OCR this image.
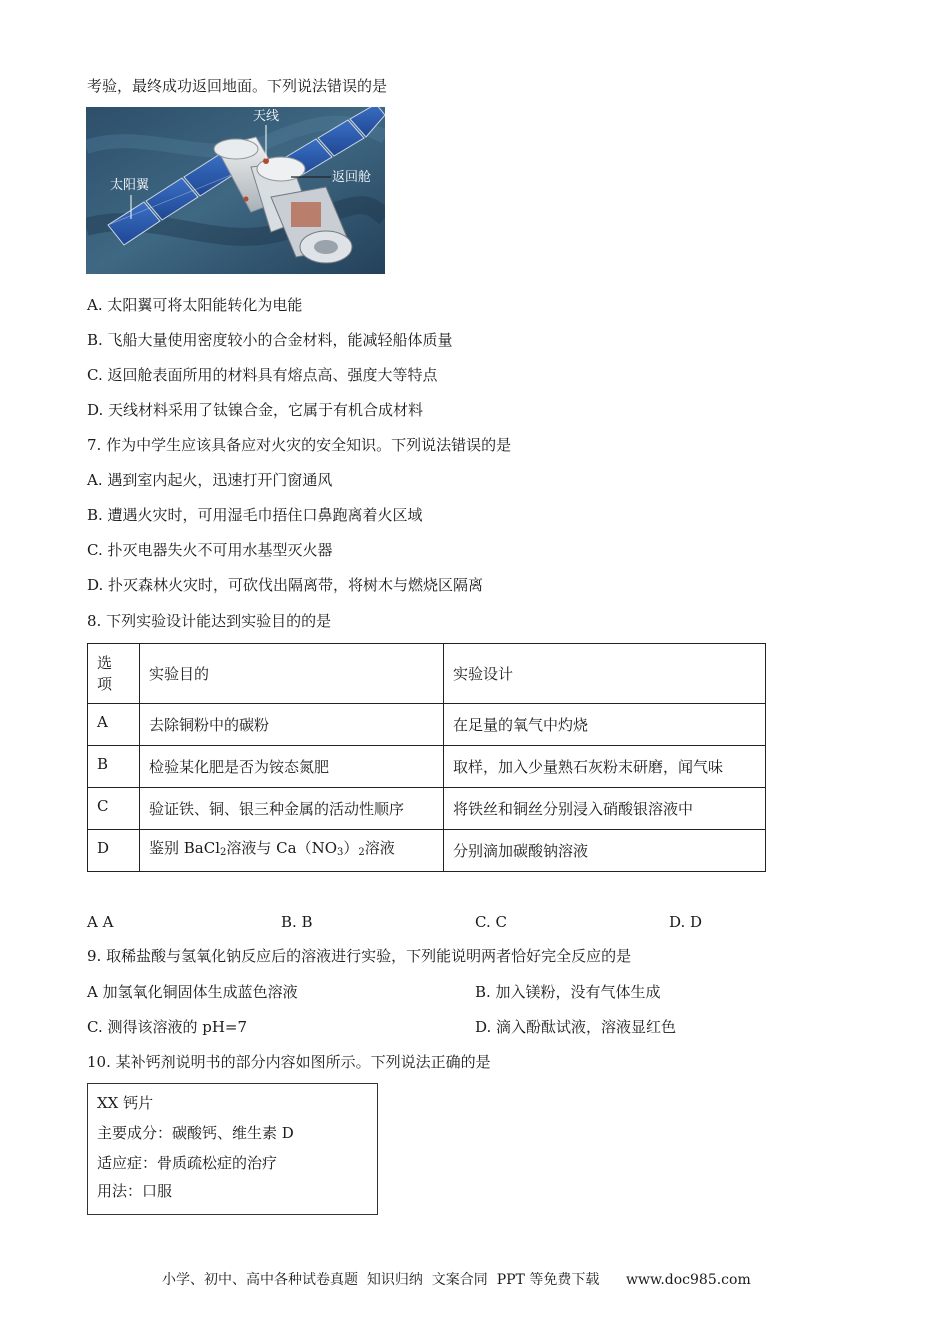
考验，最终成功返回地面。下列说法错误的是
天线
太阳翼
返回舱
A. 太阳翼可将太阳能转化为电能
B. 飞船大量使用密度较小的合金材料，能减轻船体质量
C. 返回舱表面所用的材料具有熔点高、强度大等特点
D. 天线材料采用了钛镍合金，它属于有机合成材料
7. 作为中学生应该具备应对火灾的安全知识。下列说法错误的是
A. 遇到室内起火，迅速打开门窗通风
B. 遭遇火灾时，可用湿毛巾捂住口鼻跑离着火区域
C. 扑灭电器失火不可用水基型灭火器
D. 扑灭森林火灾时，可砍伐出隔离带，将树木与燃烧区隔离
8. 下列实验设计能达到实验目的的是
选项	实验目的	实验设计
A	去除铜粉中的碳粉	在足量的氧气中灼烧
B	检验某化肥是否为铵态氮肥	取样，加入少量熟石灰粉末研磨，闻气味
C	验证铁、铜、银三种金属的活动性顺序	将铁丝和铜丝分别浸入硝酸银溶液中
D	鉴别 BaCl$_2$溶液与 $Ca(NO_3)_2$溶液	分别滴加碳酸钠溶液
A A	B. B	C. C	D. D
9. 取稀盐酸与氢氧化钠反应后的溶液进行实验，下列能说明两者恰好完全反应的是
A 加氢氧化铜固体生成蓝色溶液	B. 加入镁粉，没有气体生成
C. 测得该溶液的 pH=7	D. 滴入酚酞试液，溶液显红色
10. 某补钙剂说明书的部分内容如图所示。下列说法正确的是
XX 钙片
主要成分：碳酸钙、维生素 D
适应症：骨质疏松症的治疗
用法：口服
小学、初中、高中各种试卷真题  知识归纳  文案合同  PPT 等免费下载      www.doc985.com
